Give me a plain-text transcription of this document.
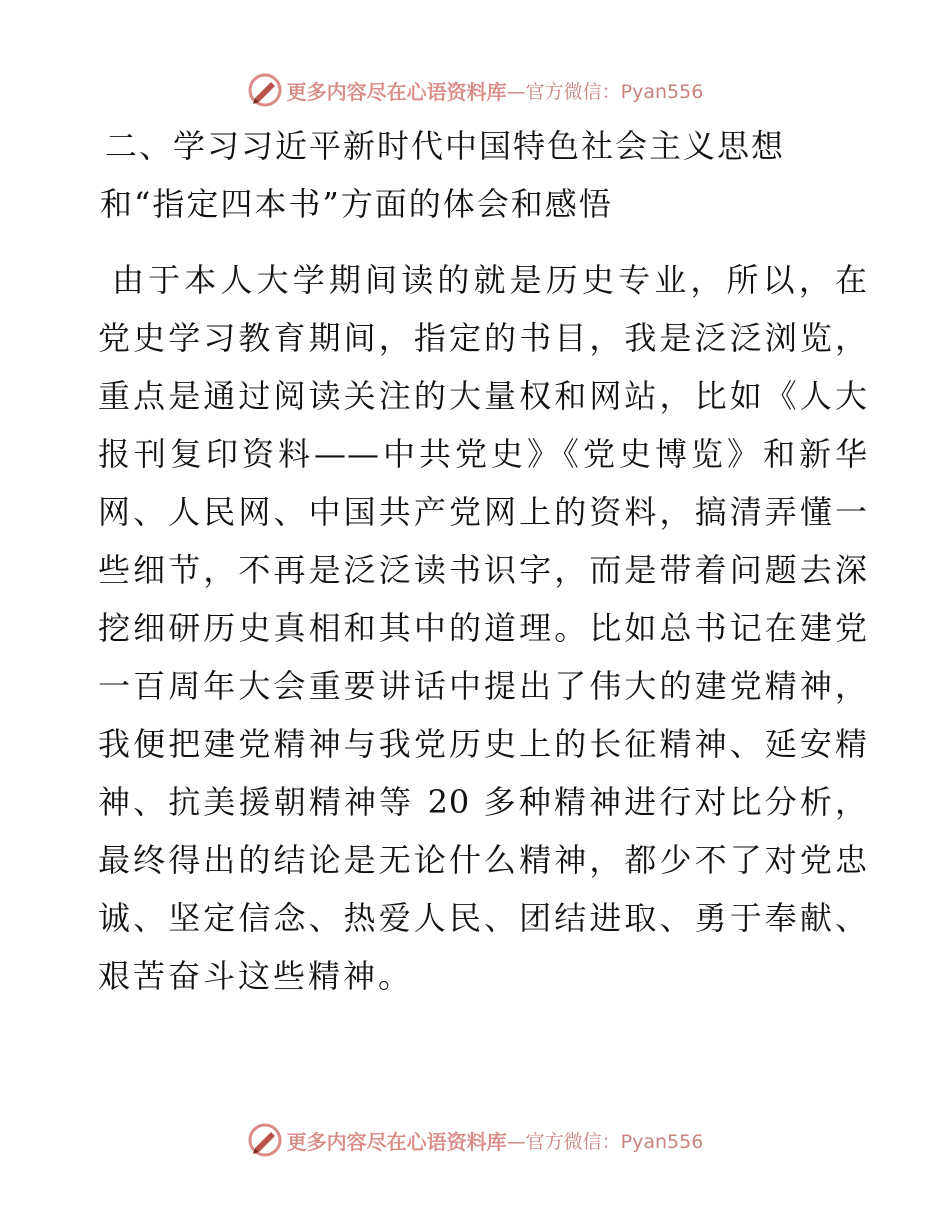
更多内容尽在心语资料库 —官方微信：Pyan556
二、学习习近平新时代中国特色社会主义思想
和“指定四本书”方面的体会和感悟
由于本人大学期间读的就是历史专业，所以，在
党史学习教育期间，指定的书目，我是泛泛浏览，
重点是通过阅读关注的大量权和网站，比如《人大
报刊复印资料——中共党史》《党史博览》和新华
网、人民网、中国共产党网上的资料，搞清弄懂一
些细节，不再是泛泛读书识字，而是带着问题去深
挖细研历史真相和其中的道理。比如总书记在建党
一百周年大会重要讲话中提出了伟大的建党精神，
我便把建党精神与我党历史上的长征精神、延安精
神、抗美援朝精神等 20 多种精神进行对比分析，
最终得出的结论是无论什么精神，都少不了对党忠
诚、坚定信念、热爱人民、团结进取、勇于奉献、
艰苦奋斗这些精神。
更多内容尽在心语资料库 —官方微信：Pyan556
